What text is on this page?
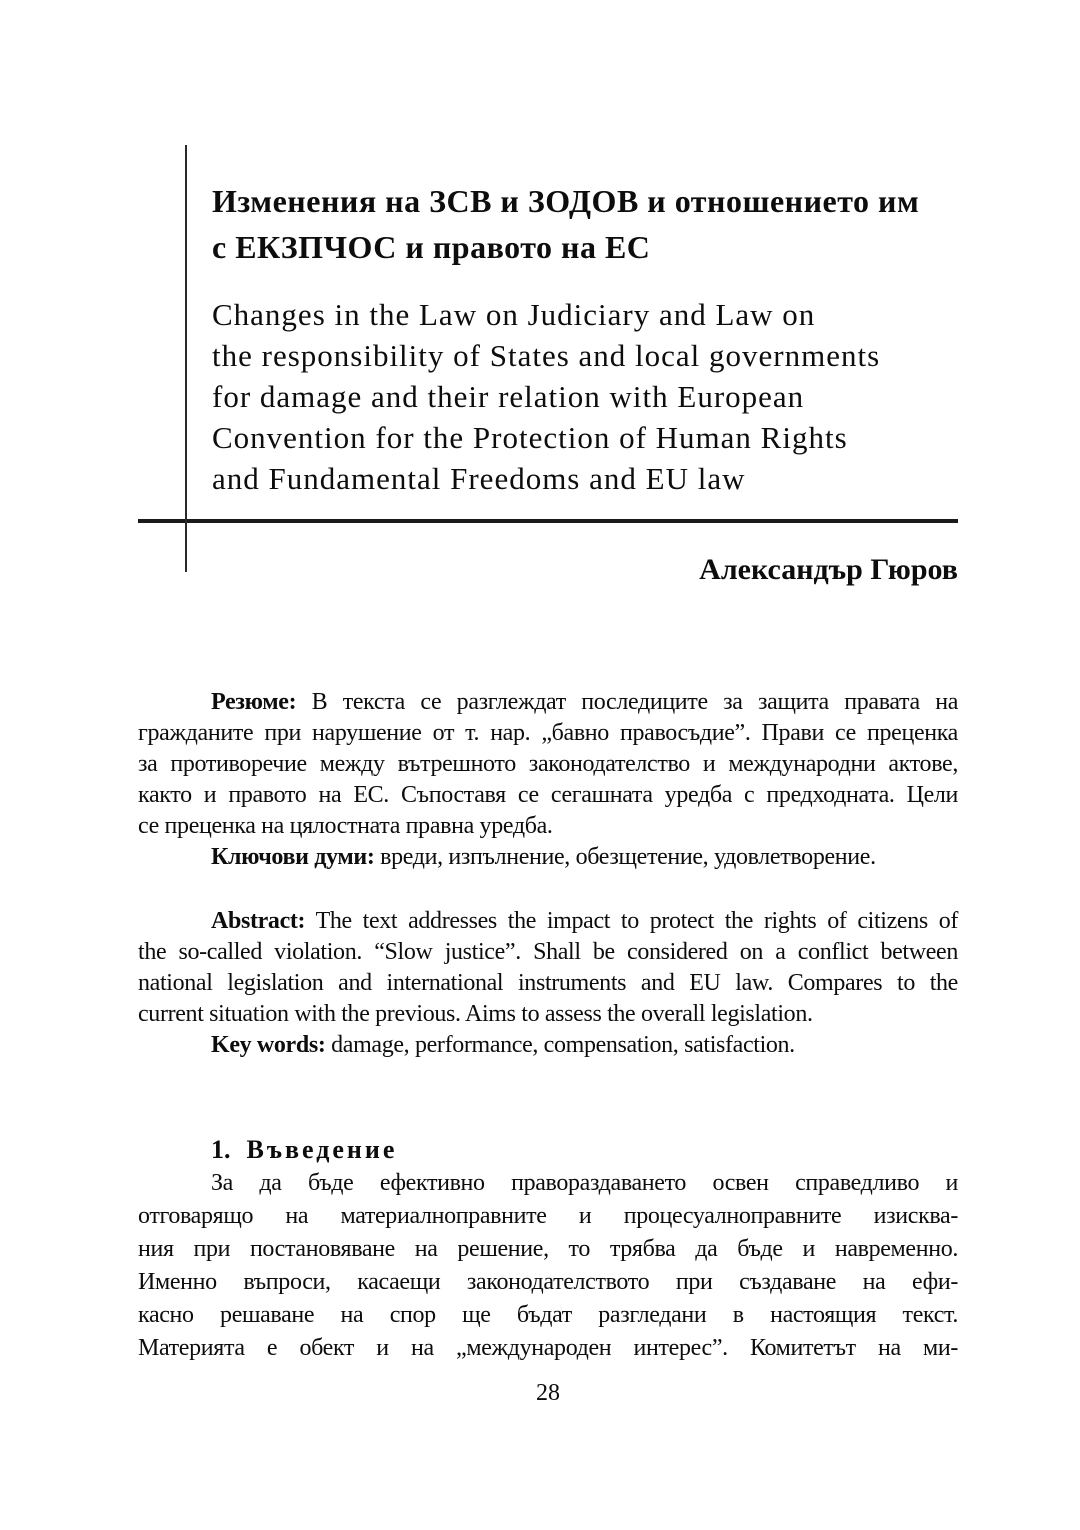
Изменения на ЗСВ и ЗОДОВ и отношението им
с ЕКЗПЧОС и правото на ЕС
Changes in the Law on Judiciary and Law on
the responsibility of States and local governments
for damage and their relation with European
Convention for the Protection of Human Rights
and Fundamental Freedoms and EU law
Александър Гюров
Резюме: В текста се разглеждат последиците за защита правата на
гражданите при нарушение от т. нар. „бавно правосъдие”. Прави се преценка
за противоречие между вътрешното законодателство и международни актове,
както и правото на ЕС. Съпоставя се сегашната уредба с предходната. Цели
се преценка на цялостната правна уредба.
Ключови думи: вреди, изпълнение, обезщетение, удовлетворение.
Abstract: The text addresses the impact to protect the rights of citizens of
the so-called violation. “Slow justice”. Shall be considered on a conflict between
national legislation and international instruments and EU law. Compares to the
current situation with the previous. Aims to assess the overall legislation.
Key words: damage, performance, compensation, satisfaction.
1. Въведение
За да бъде ефективно правораздаването освен справедливо и
отговарящо на материалноправните и процесуалноправните изисква-
ния при постановяване на решение, то трябва да бъде и навременно.
Именно въпроси, касаещи законодателството при създаване на ефи-
касно решаване на спор ще бъдат разгледани в настоящия текст.
Материята е обект и на „международен интерес”. Комитетът на ми-
28
